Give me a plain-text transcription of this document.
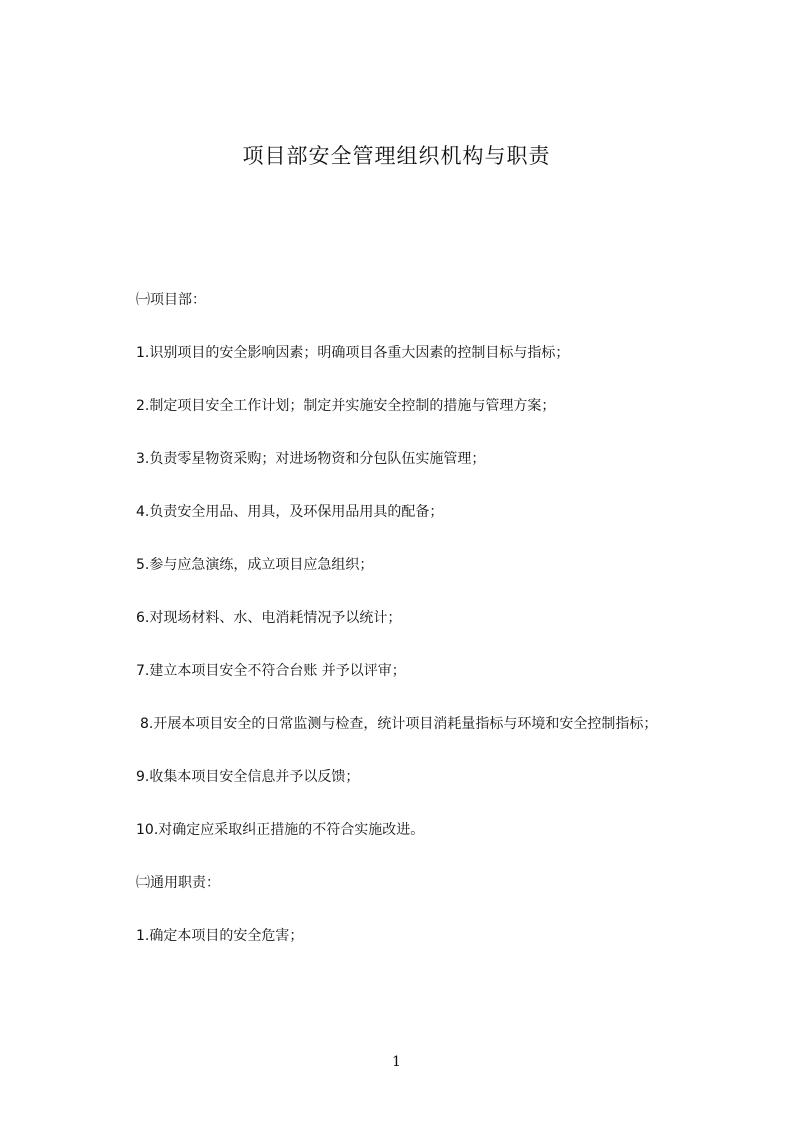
项目部安全管理组织机构与职责

㈠项目部：

1.识别项目的安全影响因素；明确项目各重大因素的控制目标与指标；

2.制定项目安全工作计划；制定并实施安全控制的措施与管理方案；

3.负责零星物资采购；对进场物资和分包队伍实施管理；

4.负责安全用品、用具，及环保用品用具的配备；

5.参与应急演练，成立项目应急组织；

6.对现场材料、水、电消耗情况予以统计；

7.建立本项目安全不符合台账 并予以评审；

8.开展本项目安全的日常监测与检查，统计项目消耗量指标与环境和安全控制指标；

9.收集本项目安全信息并予以反馈；

10.对确定应采取纠正措施的不符合实施改进。

㈡通用职责：

1.确定本项目的安全危害；

1
